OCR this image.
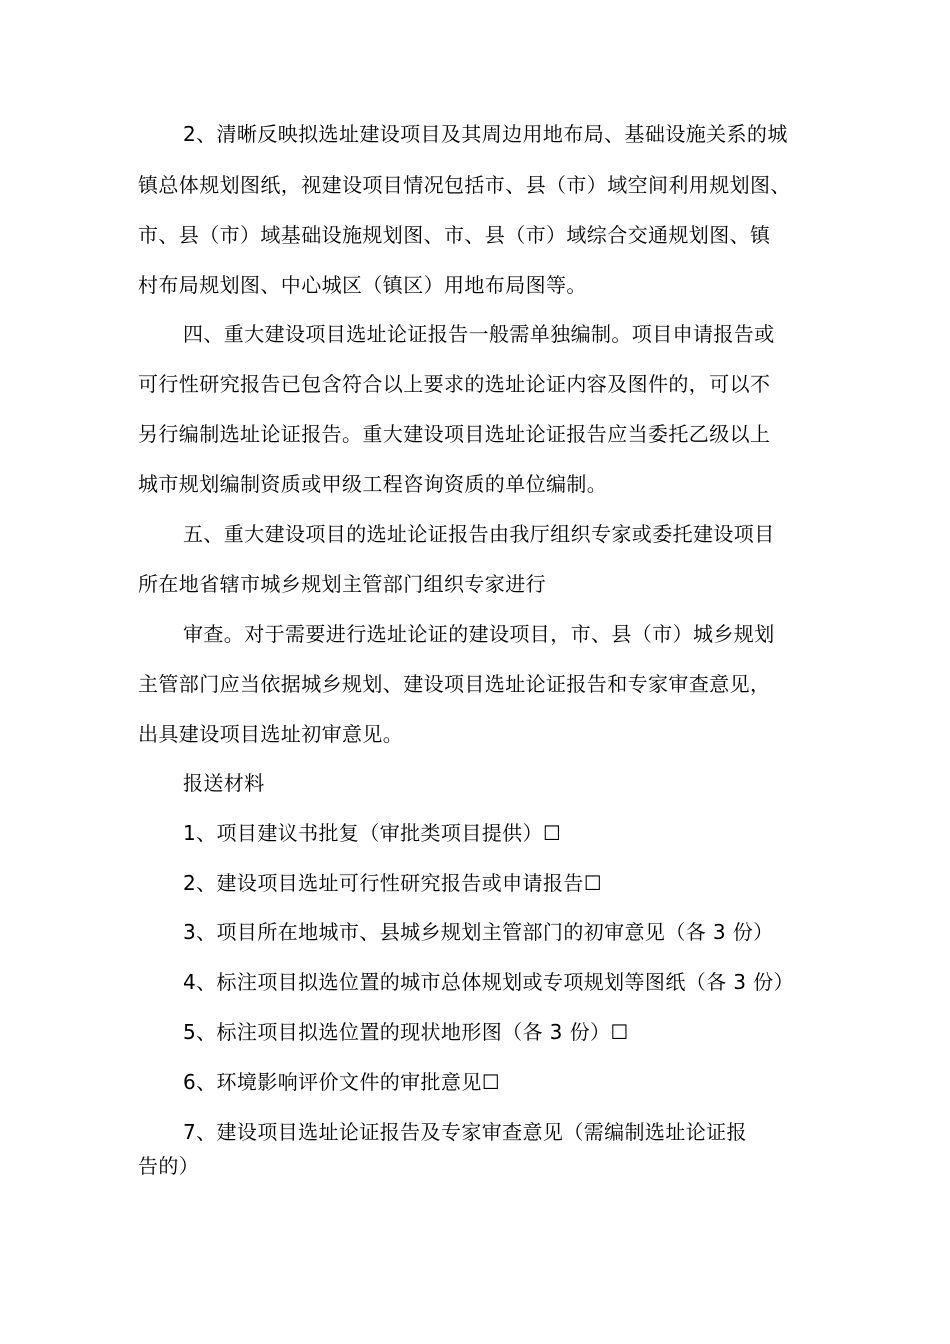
2、清晰反映拟选址建设项目及其周边用地布局、基础设施关系的城
镇总体规划图纸，视建设项目情况包括市、县（市）域空间利用规划图、
市、县（市）域基础设施规划图、市、县（市）域综合交通规划图、镇
村布局规划图、中心城区（镇区）用地布局图等。
四、重大建设项目选址论证报告一般需单独编制。项目申请报告或
可行性研究报告已包含符合以上要求的选址论证内容及图件的，可以不
另行编制选址论证报告。重大建设项目选址论证报告应当委托乙级以上
城市规划编制资质或甲级工程咨询资质的单位编制。
五、重大建设项目的选址论证报告由我厅组织专家或委托建设项目
所在地省辖市城乡规划主管部门组织专家进行
审查。对于需要进行选址论证的建设项目，市、县（市）城乡规划
主管部门应当依据城乡规划、建设项目选址论证报告和专家审查意见，
出具建设项目选址初审意见。
报送材料
1、项目建议书批复（审批类项目提供）☐
2、建设项目选址可行性研究报告或申请报告☐
3、项目所在地城市、县城乡规划主管部门的初审意见（各 3 份）
4、标注项目拟选位置的城市总体规划或专项规划等图纸（各 3 份）
5、标注项目拟选位置的现状地形图（各 3 份）☐
6、环境影响评价文件的审批意见☐
7、建设项目选址论证报告及专家审查意见（需编制选址论证报
告的）
